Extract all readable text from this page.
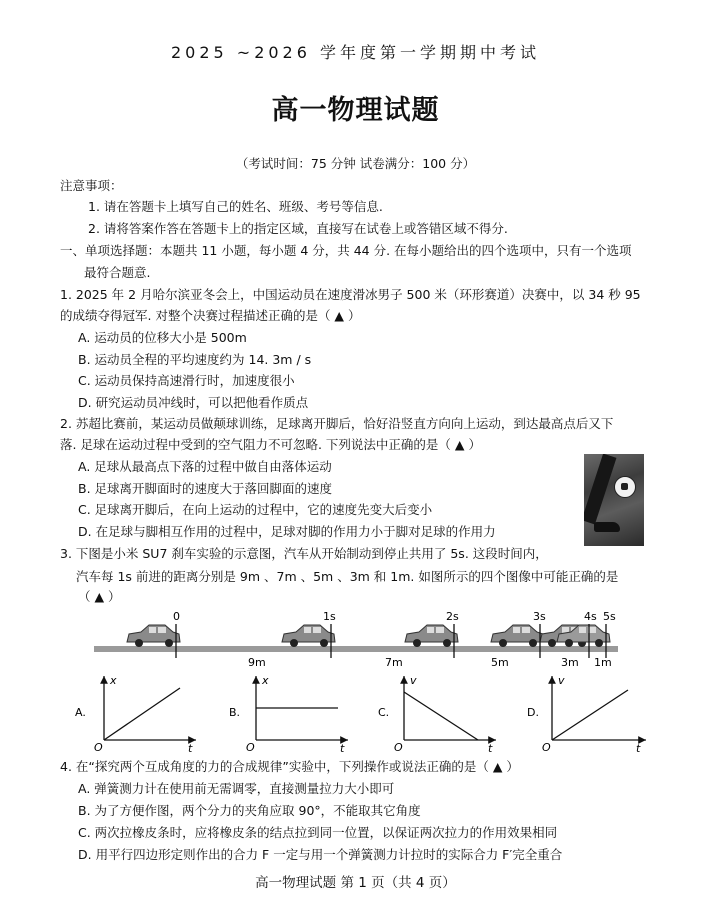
2025 ~2026 学年度第一学期期中考试
高一物理试题
（考试时间：75 分钟 试卷满分：100 分）
注意事项：
1. 请在答题卡上填写自己的姓名、班级、考号等信息.
2. 请将答案作答在答题卡上的指定区域，直接写在试卷上或答错区域不得分.
一、单项选择题：本题共 11 小题，每小题 4 分，共 44 分. 在每小题给出的四个选项中，只有一个选项
最符合题意.
1. 2025 年 2 月哈尔滨亚冬会上，中国运动员在速度滑冰男子 500 米（环形赛道）决赛中，以 34 秒 95
的成绩夺得冠军. 对整个决赛过程描述正确的是（ ▲ ）
A. 运动员的位移大小是 500m
B. 运动员全程的平均速度约为 14. 3m / s
C. 运动员保持高速滑行时，加速度很小
D. 研究运动员冲线时，可以把他看作质点
2. 苏超比赛前，某运动员做颠球训练，足球离开脚后，恰好沿竖直方向向上运动，到达最高点后又下
落. 足球在运动过程中受到的空气阻力不可忽略. 下列说法中正确的是（ ▲ ）
A. 足球从最高点下落的过程中做自由落体运动
B. 足球离开脚面时的速度大于落回脚面的速度
C. 足球离开脚后，在向上运动的过程中，它的速度先变大后变小
D. 在足球与脚相互作用的过程中，足球对脚的作用力小于脚对足球的作用力
3. 下图是小米 SU7 刹车实验的示意图，汽车从开始制动到停止共用了 5s. 这段时间内，
汽车每 1s 前进的距离分别是 9m 、7m 、5m 、3m 和 1m. 如图所示的四个图像中可能正确的是
（ ▲ ）
0	1s	2s	3s	4s 5s
9m	7m	5m	3m 1m
A.
x
O	t
B.
x
O	t
C.
v
O	t
D.
v
O	t
4. 在“探究两个互成角度的力的合成规律”实验中，下列操作或说法正确的是（ ▲ ）
A. 弹簧测力计在使用前无需调零，直接测量拉力大小即可
B. 为了方便作图，两个分力的夹角应取 90°，不能取其它角度
C. 两次拉橡皮条时，应将橡皮条的结点拉到同一位置，以保证两次拉力的作用效果相同
D. 用平行四边形定则作出的合力 F 一定与用一个弹簧测力计拉时的实际合力 F′完全重合
高一物理试题 第 1 页（共 4 页）
